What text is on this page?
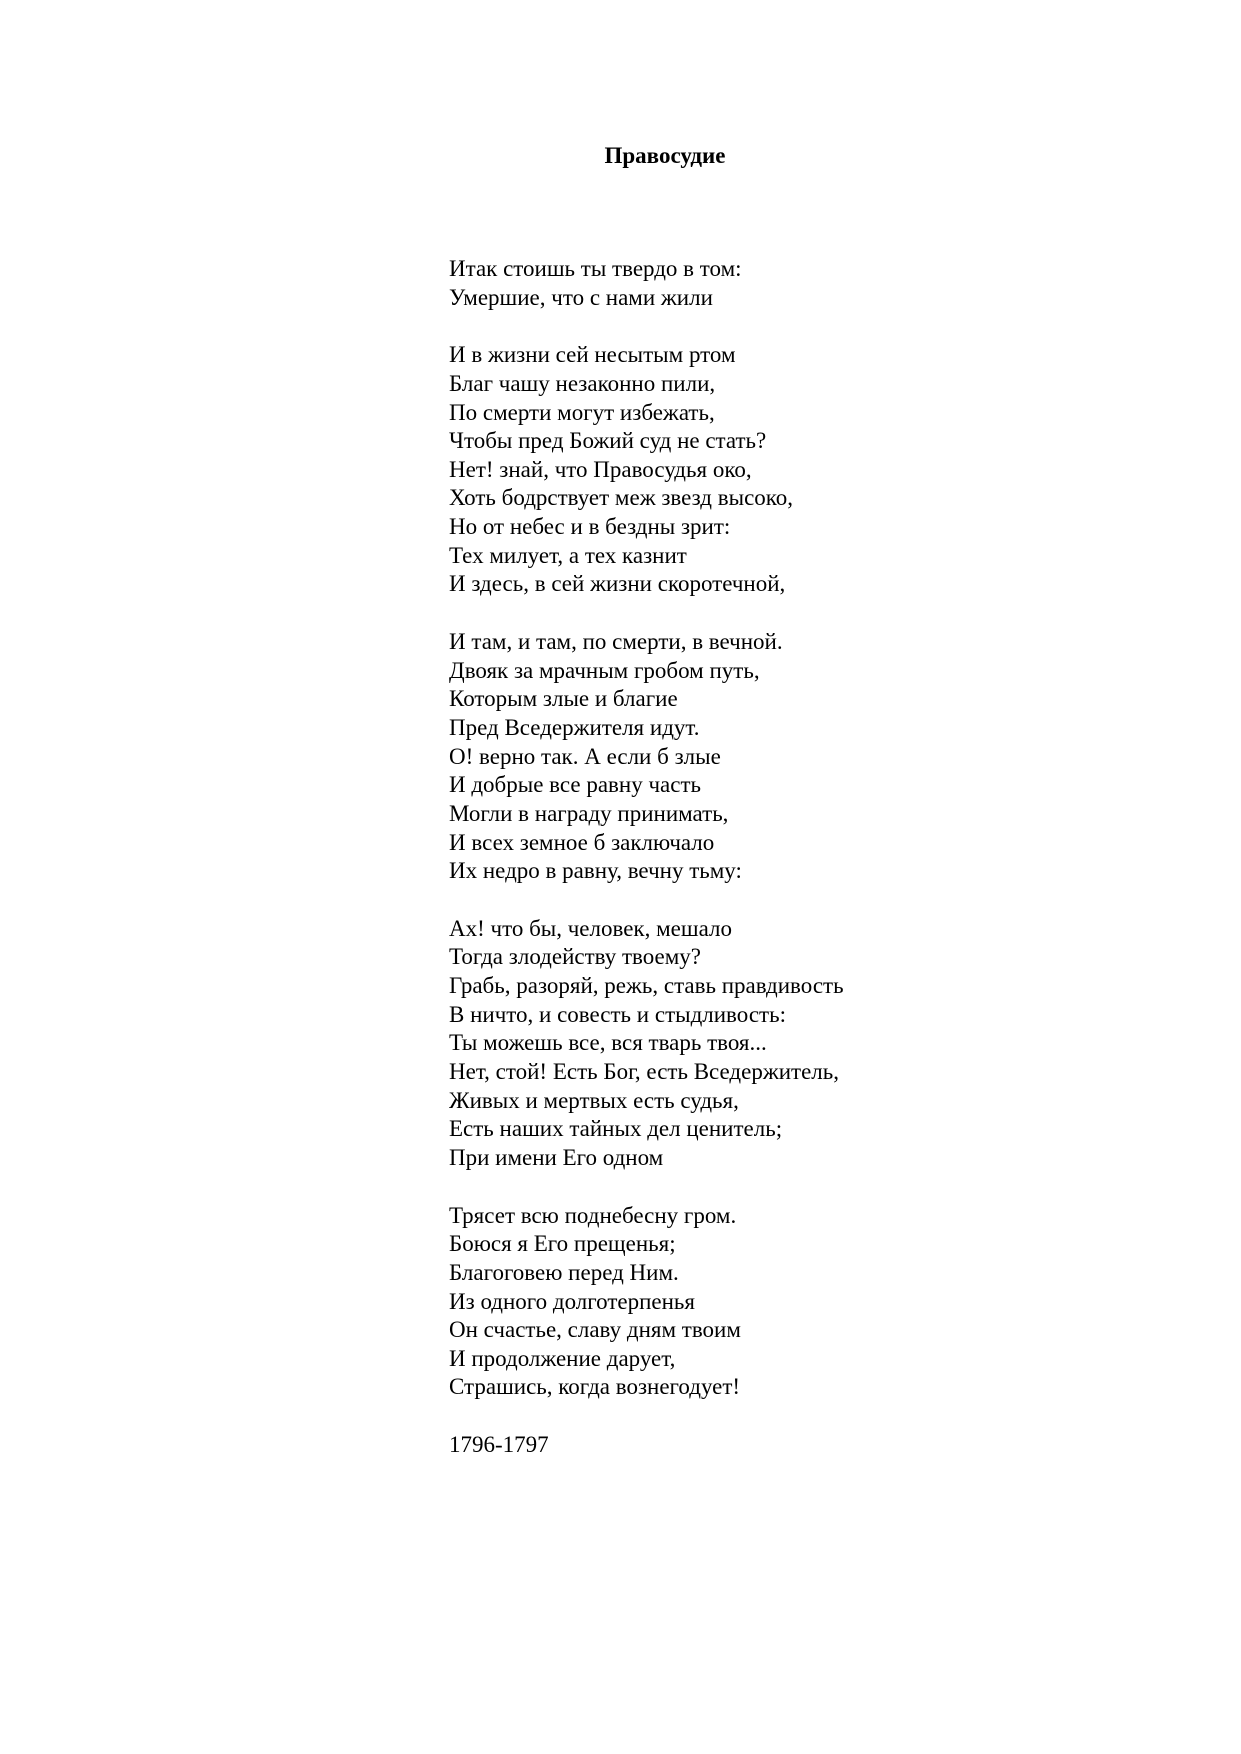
Правосудие
Итак стоишь ты твердо в том:
Умершие, что с нами жили
И в жизни сей несытым ртом
Благ чашу незаконно пили,
По смерти могут избежать,
Чтобы пред Божий суд не стать?
Нет! знай, что Правосудья око,
Хоть бодрствует меж звезд высоко,
Но от небес и в бездны зрит:
Тех милует, а тех казнит
И здесь, в сей жизни скоротечной,
И там, и там, по смерти, в вечной.
Двояк за мрачным гробом путь,
Которым злые и благие
Пред Вседержителя идут.
О! верно так. А если б злые
И добрые все равну часть
Могли в награду принимать,
И всех земное б заключало
Их недро в равну, вечну тьму:
Ах! что бы, человек, мешало
Тогда злодейству твоему?
Грабь, разоряй, режь, ставь правдивость
В ничто, и совесть и стыдливость:
Ты можешь все, вся тварь твоя...
Нет, стой! Есть Бог, есть Вседержитель,
Живых и мертвых есть судья,
Есть наших тайных дел ценитель;
При имени Его одном
Трясет всю поднебесну гром.
Боюся я Его прещенья;
Благоговею перед Ним.
Из одного долготерпенья
Он счастье, славу дням твоим
И продолжение дарует,
Страшись, когда вознегодует!
1796-1797
